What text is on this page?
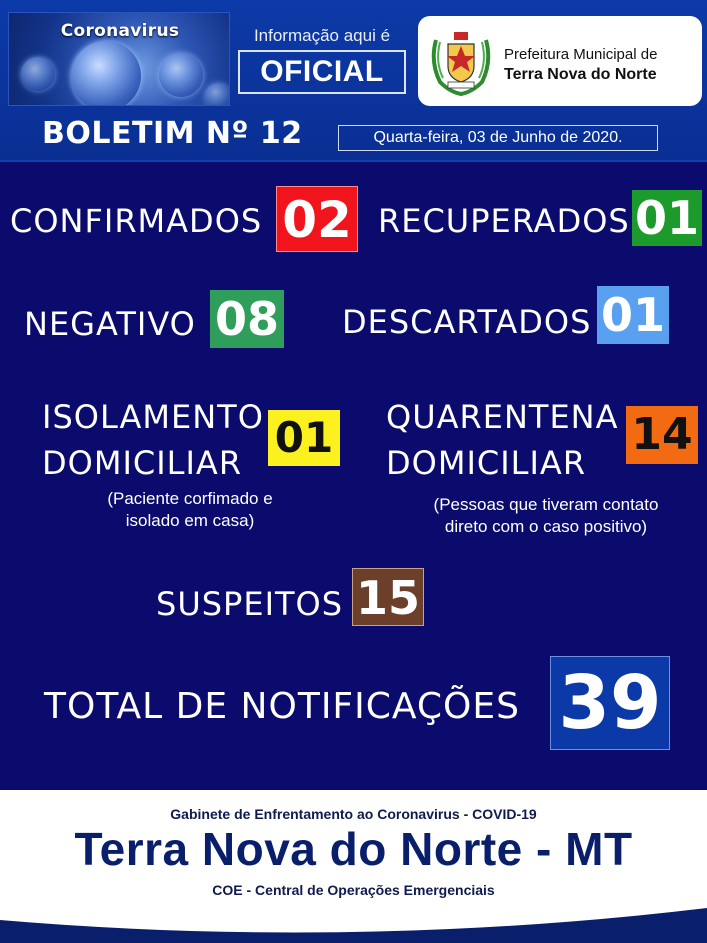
Coronavirus	Informação aqui é
OFICIAL
Prefeitura Municipal de
Terra Nova do Norte
BOLETIM Nº 12	Quarta-feira, 03 de Junho de 2020.
CONFIRMADOS 02 RECUPERADOS 01
NEGATIVO 08 DESCARTADOS 01
ISOLAMENTO
DOMICILIAR
01
(Paciente corfimado e
isolado em casa)
QUARENTENA
DOMICILIAR
14
(Pessoas que tiveram contato
direto com o caso positivo)
SUSPEITOS 15
TOTAL DE NOTIFICAÇÕES 39
Gabinete de Enfrentamento ao Coronavirus - COVID-19
Terra Nova do Norte - MT
COE - Central de Operações Emergenciais
